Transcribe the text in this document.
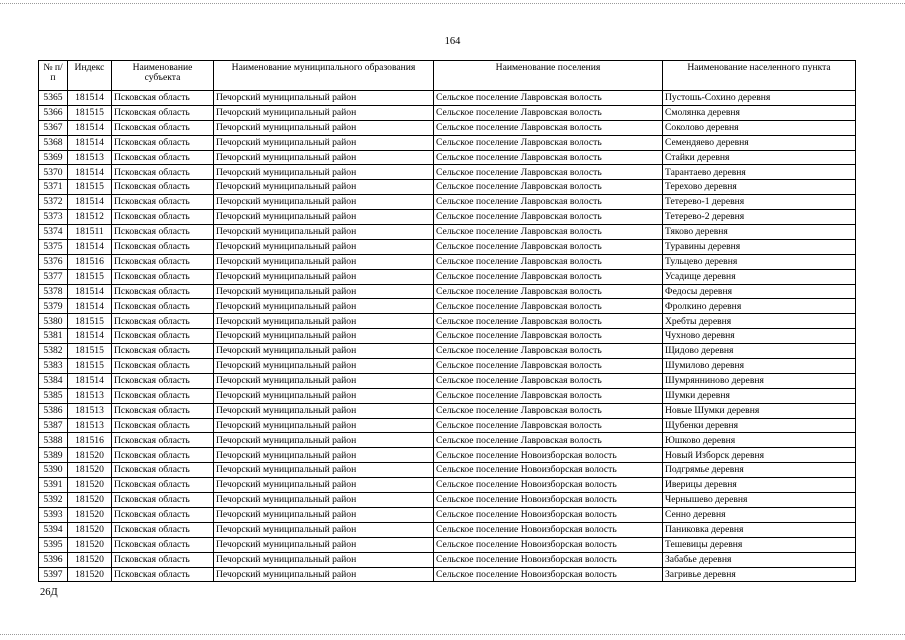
164
№ п/п	Индекс	Наименование субъекта	Наименование муниципального образования	Наименование поселения	Наименование населенного пункта
5365	181514	Псковская область	Печорский муниципальный район	Сельское поселение Лавровская волость	Пустошь-Сохино деревня
5366	181515	Псковская область	Печорский муниципальный район	Сельское поселение Лавровская волость	Смолянка деревня
5367	181514	Псковская область	Печорский муниципальный район	Сельское поселение Лавровская волость	Соколово деревня
5368	181514	Псковская область	Печорский муниципальный район	Сельское поселение Лавровская волость	Семендяево деревня
5369	181513	Псковская область	Печорский муниципальный район	Сельское поселение Лавровская волость	Стайки деревня
5370	181514	Псковская область	Печорский муниципальный район	Сельское поселение Лавровская волость	Тарантаево деревня
5371	181515	Псковская область	Печорский муниципальный район	Сельское поселение Лавровская волость	Терехово деревня
5372	181514	Псковская область	Печорский муниципальный район	Сельское поселение Лавровская волость	Тетерево-1 деревня
5373	181512	Псковская область	Печорский муниципальный район	Сельское поселение Лавровская волость	Тетерево-2 деревня
5374	181511	Псковская область	Печорский муниципальный район	Сельское поселение Лавровская волость	Тяково деревня
5375	181514	Псковская область	Печорский муниципальный район	Сельское поселение Лавровская волость	Туравины деревня
5376	181516	Псковская область	Печорский муниципальный район	Сельское поселение Лавровская волость	Тульцево деревня
5377	181515	Псковская область	Печорский муниципальный район	Сельское поселение Лавровская волость	Усадище деревня
5378	181514	Псковская область	Печорский муниципальный район	Сельское поселение Лавровская волость	Федосы деревня
5379	181514	Псковская область	Печорский муниципальный район	Сельское поселение Лавровская волость	Фролкино деревня
5380	181515	Псковская область	Печорский муниципальный район	Сельское поселение Лавровская волость	Хребты деревня
5381	181514	Псковская область	Печорский муниципальный район	Сельское поселение Лавровская волость	Чухново деревня
5382	181515	Псковская область	Печорский муниципальный район	Сельское поселение Лавровская волость	Щидово деревня
5383	181515	Псковская область	Печорский муниципальный район	Сельское поселение Лавровская волость	Шумилово деревня
5384	181514	Псковская область	Печорский муниципальный район	Сельское поселение Лавровская волость	Шумрянниново деревня
5385	181513	Псковская область	Печорский муниципальный район	Сельское поселение Лавровская волость	Шумки деревня
5386	181513	Псковская область	Печорский муниципальный район	Сельское поселение Лавровская волость	Новые Шумки деревня
5387	181513	Псковская область	Печорский муниципальный район	Сельское поселение Лавровская волость	Щубенки деревня
5388	181516	Псковская область	Печорский муниципальный район	Сельское поселение Лавровская волость	Юшково деревня
5389	181520	Псковская область	Печорский муниципальный район	Сельское поселение Новоизборская волость	Новый Изборск деревня
5390	181520	Псковская область	Печорский муниципальный район	Сельское поселение Новоизборская волость	Подгрямье деревня
5391	181520	Псковская область	Печорский муниципальный район	Сельское поселение Новоизборская волость	Иверицы деревня
5392	181520	Псковская область	Печорский муниципальный район	Сельское поселение Новоизборская волость	Чернышево деревня
5393	181520	Псковская область	Печорский муниципальный район	Сельское поселение Новоизборская волость	Сенно деревня
5394	181520	Псковская область	Печорский муниципальный район	Сельское поселение Новоизборская волость	Паниковка деревня
5395	181520	Псковская область	Печорский муниципальный район	Сельское поселение Новоизборская волость	Тешевицы деревня
5396	181520	Псковская область	Печорский муниципальный район	Сельское поселение Новоизборская волость	Забабье деревня
5397	181520	Псковская область	Печорский муниципальный район	Сельское поселение Новоизборская волость	Загривье деревня
26Д
